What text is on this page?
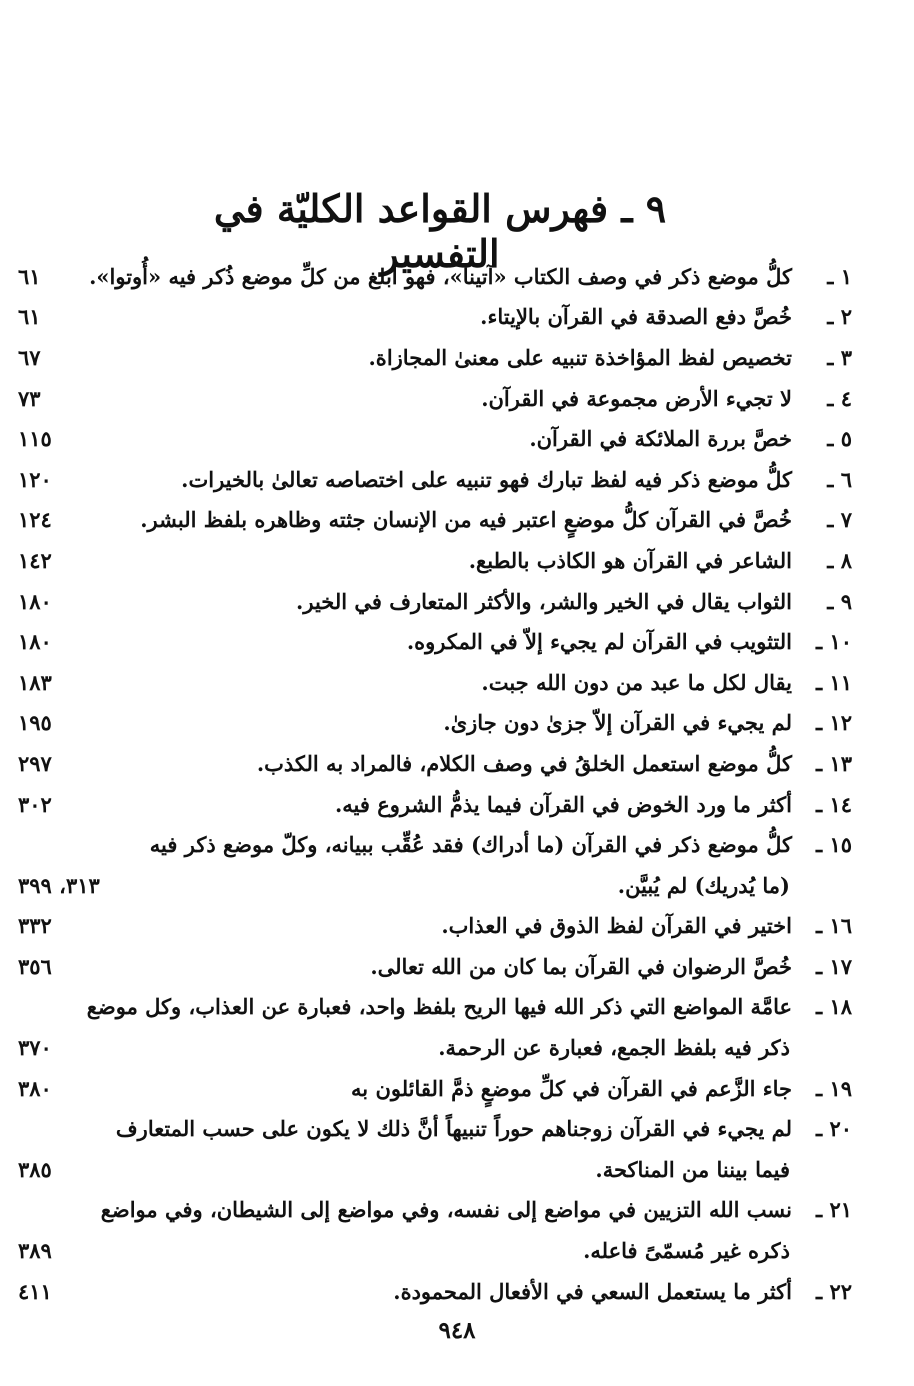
٩ ـ فهرس القواعد الكليّة في التفسير
١ ـكلُّ موضع ذكر في وصف الكتاب «آتينا»، فهو أبلغ من كلِّ موضع ذُكر فيه «أُوتوا».
٦١
٢ ـخُصَّ دفع الصدقة في القرآن بالإيتاء.
٦١
٣ ـتخصيص لفظ المؤاخذة تنبيه على معنىٰ المجازاة.
٦٧
٤ ـلا تجيء الأرض مجموعة في القرآن.
٧٣
٥ ـخصَّ بررة الملائكة في القرآن.
١١٥
٦ ـكلُّ موضع ذكر فيه لفظ تبارك فهو تنبيه على اختصاصه تعالىٰ بالخيرات.
١٢٠
٧ ـخُصَّ في القرآن كلُّ موضعٍ اعتبر فيه من الإنسان جثته وظاهره بلفظ البشر.
١٢٤
٨ ـالشاعر في القرآن هو الكاذب بالطبع.
١٤٢
٩ ـالثواب يقال في الخير والشر، والأكثر المتعارف في الخير.
١٨٠
١٠ ـالتثويب في القرآن لم يجيء إلاّ في المكروه.
١٨٠
١١ ـيقال لكل ما عبد من دون الله جبت.
١٨٣
١٢ ـلم يجيء في القرآن إلاّ جزىٰ دون جازىٰ.
١٩٥
١٣ ـكلُّ موضع استعمل الخلقُ في وصف الكلام، فالمراد به الكذب.
٢٩٧
١٤ ـأكثر ما ورد الخوض في القرآن فيما يذمُّ الشروع فيه.
٣٠٢
١٥ ـكلُّ موضع ذكر في القرآن (ما أدراك) فقد عُقِّب ببيانه، وكلّ موضع ذكر فيه
(ما يُدريك) لم يُبيَّن.
٣١٣، ٣٩٩
١٦ ـاختير في القرآن لفظ الذوق في العذاب.
٣٣٢
١٧ ـخُصَّ الرضوان في القرآن بما كان من الله تعالى.
٣٥٦
١٨ ـعامَّة المواضع التي ذكر الله فيها الريح بلفظ واحد، فعبارة عن العذاب، وكل موضع
ذكر فيه بلفظ الجمع، فعبارة عن الرحمة.
٣٧٠
١٩ ـجاء الزَّعم في القرآن في كلِّ موضعٍ ذمَّ القائلون به
٣٨٠
٢٠ ـلم يجيء في القرآن زوجناهم حوراً تنبيهاً أنَّ ذلك لا يكون على حسب المتعارف
فيما بيننا من المناكحة.
٣٨٥
٢١ ـنسب الله التزيين في مواضع إلى نفسه، وفي مواضع إلى الشيطان، وفي مواضع
ذكره غير مُسمّىً فاعله.
٣٨٩
٢٢ ـأكثر ما يستعمل السعي في الأفعال المحمودة.
٤١١
٩٤٨
